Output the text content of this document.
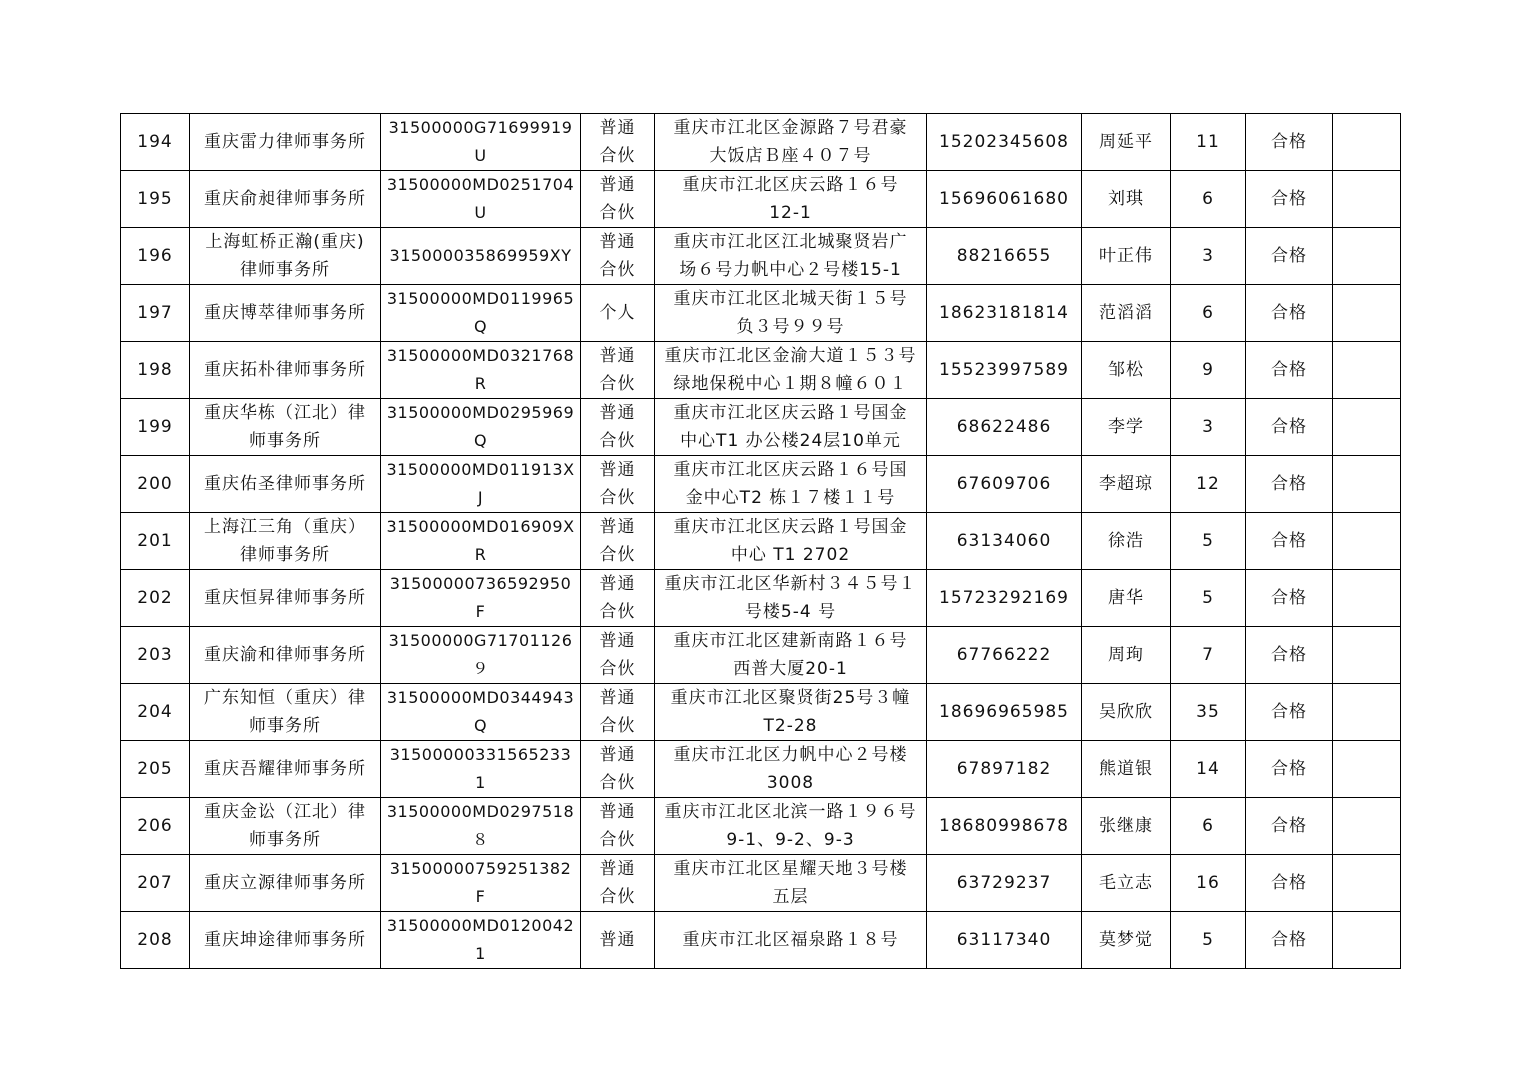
194	重庆雷力律师事务所	31500000G71699919U	普通
合伙	重庆市江北区金源路７号君豪
大饭店Ｂ座４０７号	15202345608	周延平	11	合格	
195	重庆俞昶律师事务所	31500000MD0251704U	普通
合伙	重庆市江北区庆云路１６号
12-1	15696061680	刘琪	6	合格	
196	上海虹桥正瀚(重庆)
律师事务所	315000035869959XY	普通
合伙	重庆市江北区江北城聚贤岩广
场６号力帆中心２号楼15-1	88216655	叶正伟	3	合格	
197	重庆博萃律师事务所	31500000MD0119965Q	个人	重庆市江北区北城天街１５号
负３号９９号	18623181814	范滔滔	6	合格	
198	重庆拓朴律师事务所	31500000MD0321768R	普通
合伙	重庆市江北区金渝大道１５３号
绿地保税中心１期８幢６０１	15523997589	邹松	9	合格	
199	重庆华栋（江北）律
师事务所	31500000MD0295969Q	普通
合伙	重庆市江北区庆云路１号国金
中心T1 办公楼24层10单元	68622486	李学	3	合格	
200	重庆佑圣律师事务所	31500000MD011913XJ	普通
合伙	重庆市江北区庆云路１６号国
金中心T2 栋１７楼１１号	67609706	李超琼	12	合格	
201	上海江三角（重庆）
律师事务所	31500000MD016909XR	普通
合伙	重庆市江北区庆云路１号国金
中心 T1 2702	63134060	徐浩	5	合格	
202	重庆恒昇律师事务所	31500000736592950F	普通
合伙	重庆市江北区华新村３４５号１
号楼5-4 号	15723292169	唐华	5	合格	
203	重庆渝和律师事务所	31500000G71701126９	普通
合伙	重庆市江北区建新南路１６号
西普大厦20-1	67766222	周珣	7	合格	
204	广东知恒（重庆）律
师事务所	31500000MD0344943Q	普通
合伙	重庆市江北区聚贤街25号３幢
T2-28	18696965985	吴欣欣	35	合格	
205	重庆吾耀律师事务所	315000003315652331	普通
合伙	重庆市江北区力帆中心２号楼
3008	67897182	熊道银	14	合格	
206	重庆金讼（江北）律
师事务所	31500000MD0297518８	普通
合伙	重庆市江北区北滨一路１９６号
9-1、9-2、9-3	18680998678	张继康	6	合格	
207	重庆立源律师事务所	31500000759251382F	普通
合伙	重庆市江北区星耀天地３号楼
五层	63729237	毛立志	16	合格	
208	重庆坤途律师事务所	31500000MD01200421	普通	重庆市江北区福泉路１８号	63117340	莫梦觉	5	合格	
